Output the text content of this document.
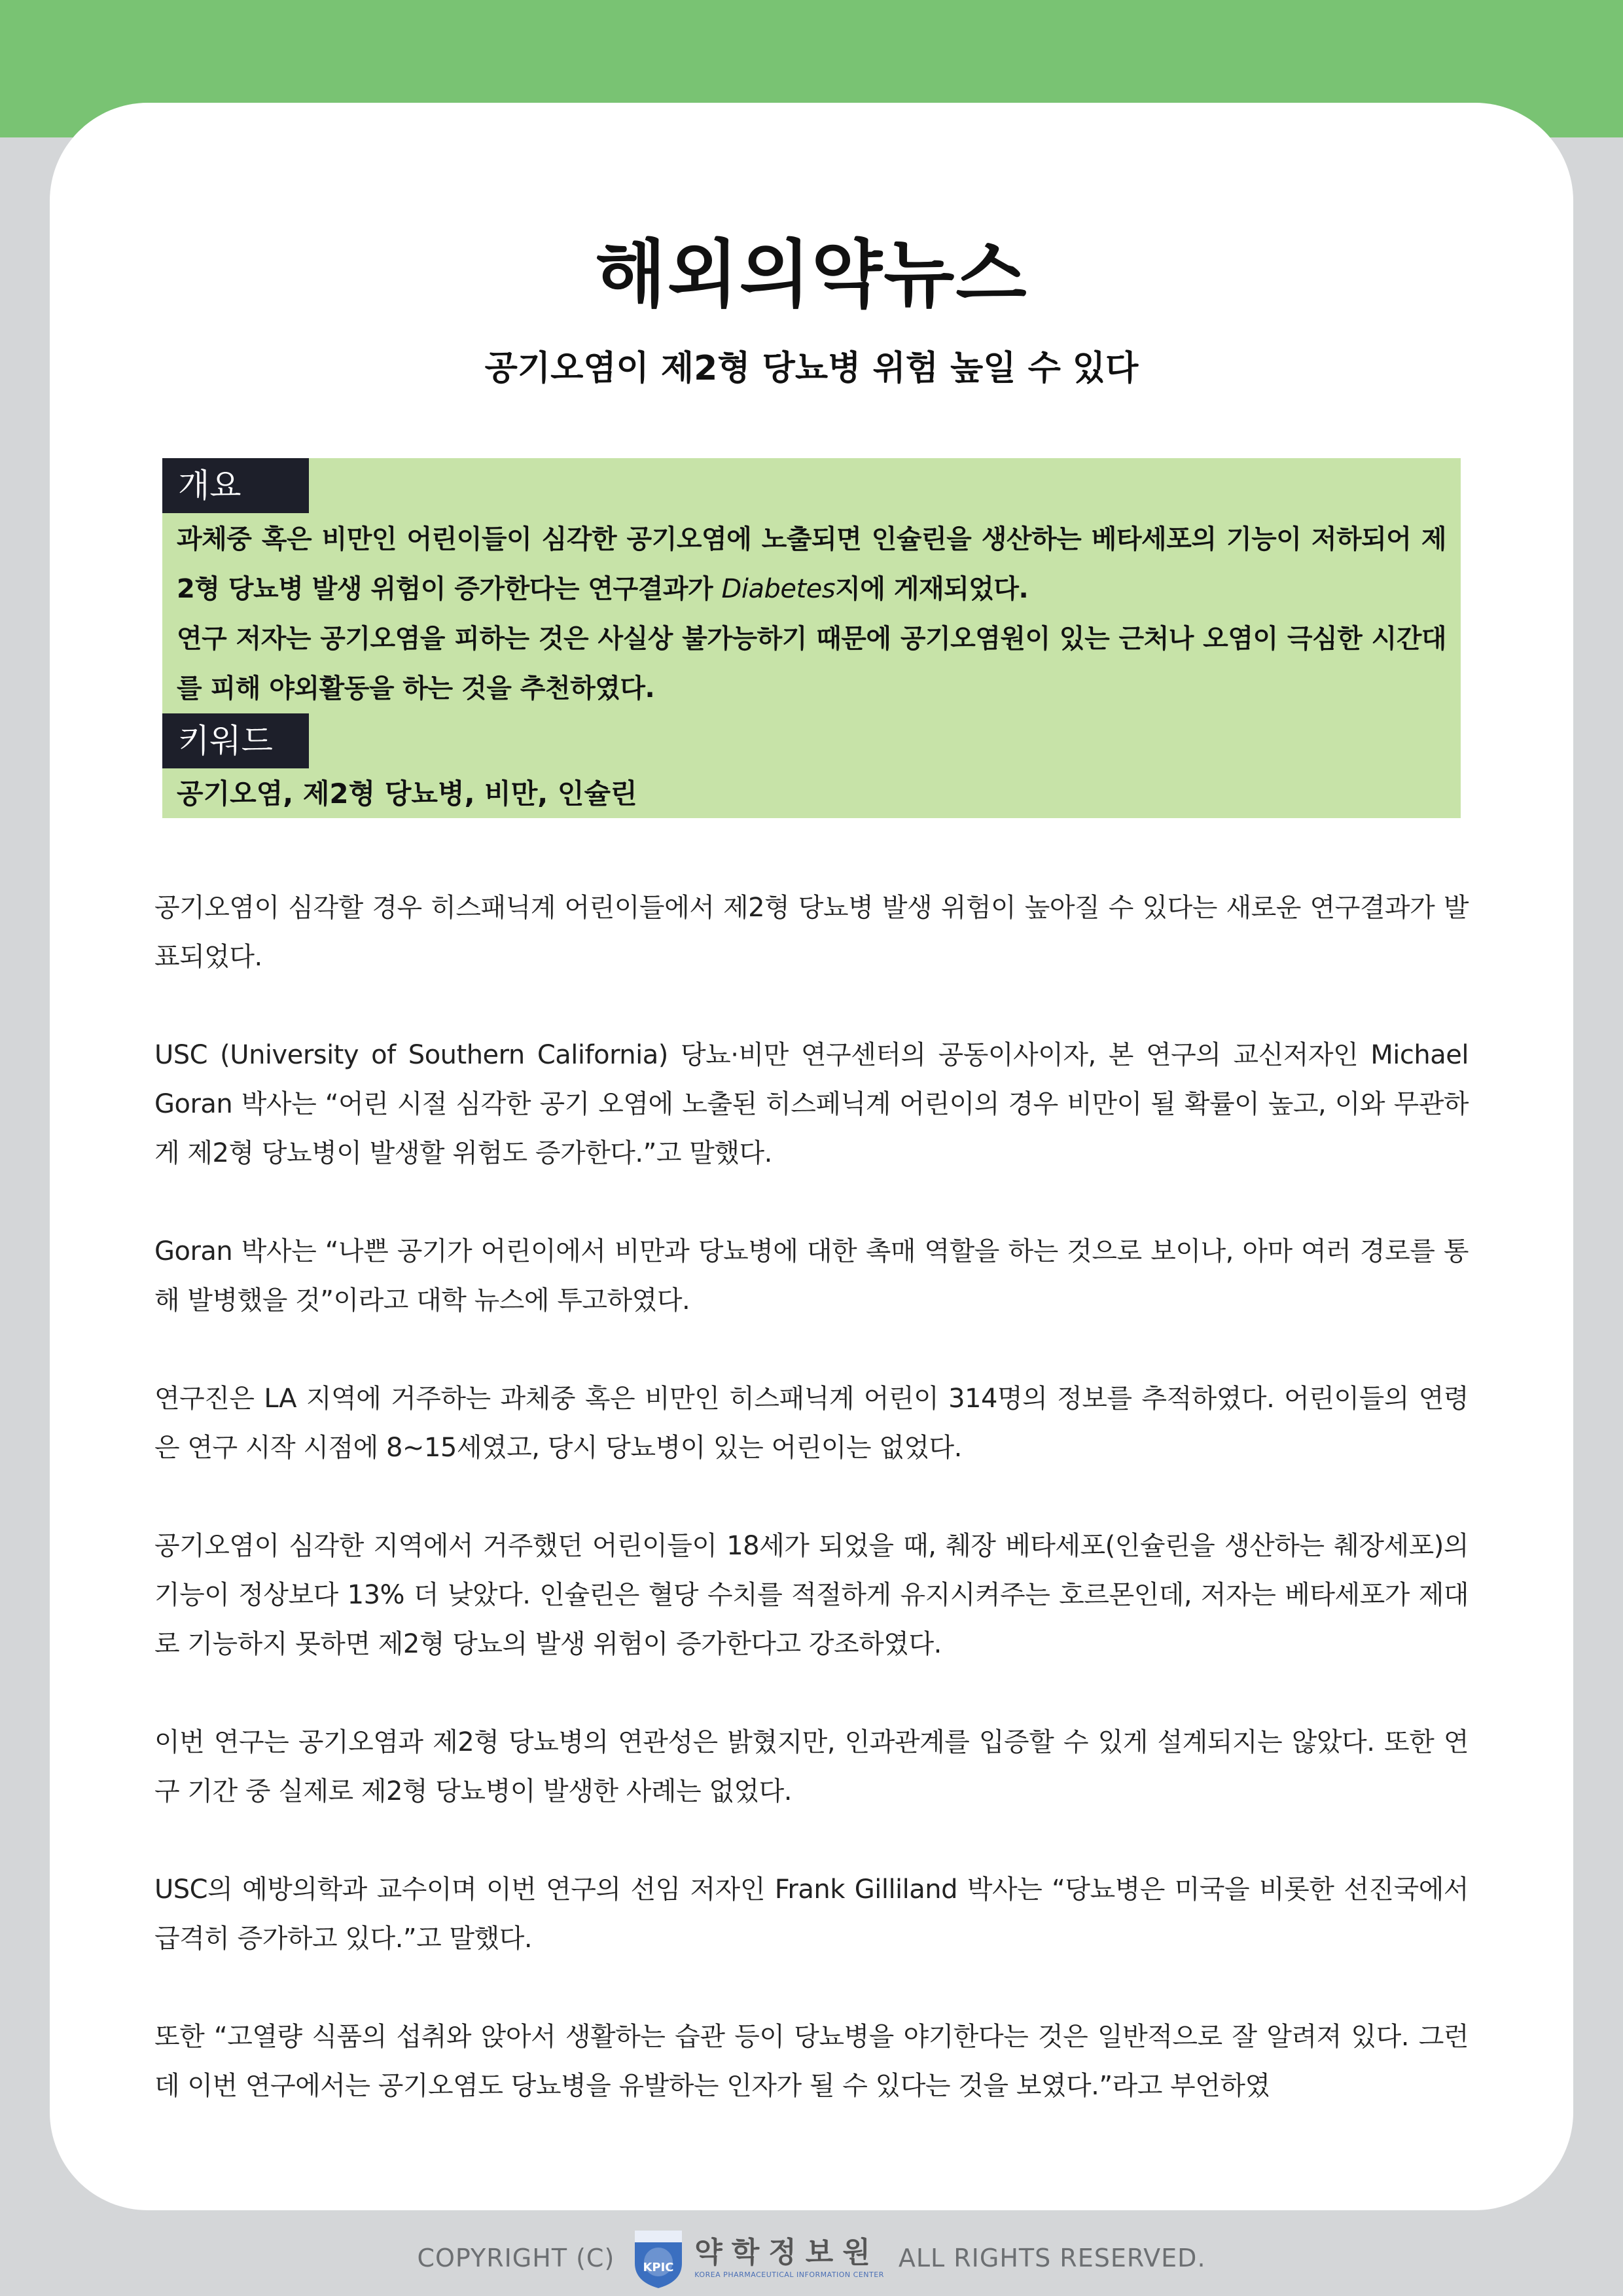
해외의약뉴스
공기오염이 제2형 당뇨병 위험 높일 수 있다
개요

과체중 혹은 비만인 어린이들이 심각한 공기오염에 노출되면 인슐린을 생산하는 베타세포의 기능이 저하되어 제2형 당뇨병 발생 위험이 증가한다는 연구결과가 Diabetes지에 게재되었다.

연구 저자는 공기오염을 피하는 것은 사실상 불가능하기 때문에 공기오염원이 있는 근처나 오염이 극심한 시간대를 피해 야외활동을 하는 것을 추천하였다.

키워드
공기오염, 제2형 당뇨병, 비만, 인슐린

공기오염이 심각할 경우 히스패닉계 어린이들에서 제2형 당뇨병 발생 위험이 높아질 수 있다는 새로운 연구결과가 발표되었다.

USC (University of Southern California) 당뇨·비만 연구센터의 공동이사이자, 본 연구의 교신저자인 Michael Goran 박사는 “어린 시절 심각한 공기 오염에 노출된 히스페닉계 어린이의 경우 비만이 될 확률이 높고, 이와 무관하게 제2형 당뇨병이 발생할 위험도 증가한다.”고 말했다.

Goran 박사는 “나쁜 공기가 어린이에서 비만과 당뇨병에 대한 촉매 역할을 하는 것으로 보이나, 아마 여러 경로를 통해 발병했을 것”이라고 대학 뉴스에 투고하였다.

연구진은 LA 지역에 거주하는 과체중 혹은 비만인 히스패닉계 어린이 314명의 정보를 추적하였다. 어린이들의 연령은 연구 시작 시점에 8~15세였고, 당시 당뇨병이 있는 어린이는 없었다.

공기오염이 심각한 지역에서 거주했던 어린이들이 18세가 되었을 때, 췌장 베타세포(인슐린을 생산하는 췌장세포)의 기능이 정상보다 13% 더 낮았다. 인슐린은 혈당 수치를 적절하게 유지시켜주는 호르몬인데, 저자는 베타세포가 제대로 기능하지 못하면 제2형 당뇨의 발생 위험이 증가한다고 강조하였다.

이번 연구는 공기오염과 제2형 당뇨병의 연관성은 밝혔지만, 인과관계를 입증할 수 있게 설계되지는 않았다. 또한 연구 기간 중 실제로 제2형 당뇨병이 발생한 사례는 없었다.

USC의 예방의학과 교수이며 이번 연구의 선임 저자인 Frank Gilliland 박사는 “당뇨병은 미국을 비롯한 선진국에서 급격히 증가하고 있다.”고 말했다.

또한 “고열량 식품의 섭취와 앉아서 생활하는 습관 등이 당뇨병을 야기한다는 것은 일반적으로 잘 알려져 있다. 그런데 이번 연구에서는 공기오염도 당뇨병을 유발하는 인자가 될 수 있다는 것을 보였다.”라고 부언하였

COPYRIGHT (C) KPIC 약학정보원
KOREA PHARMACEUTICAL INFORMATION CENTER
ALL RIGHTS RESERVED.
